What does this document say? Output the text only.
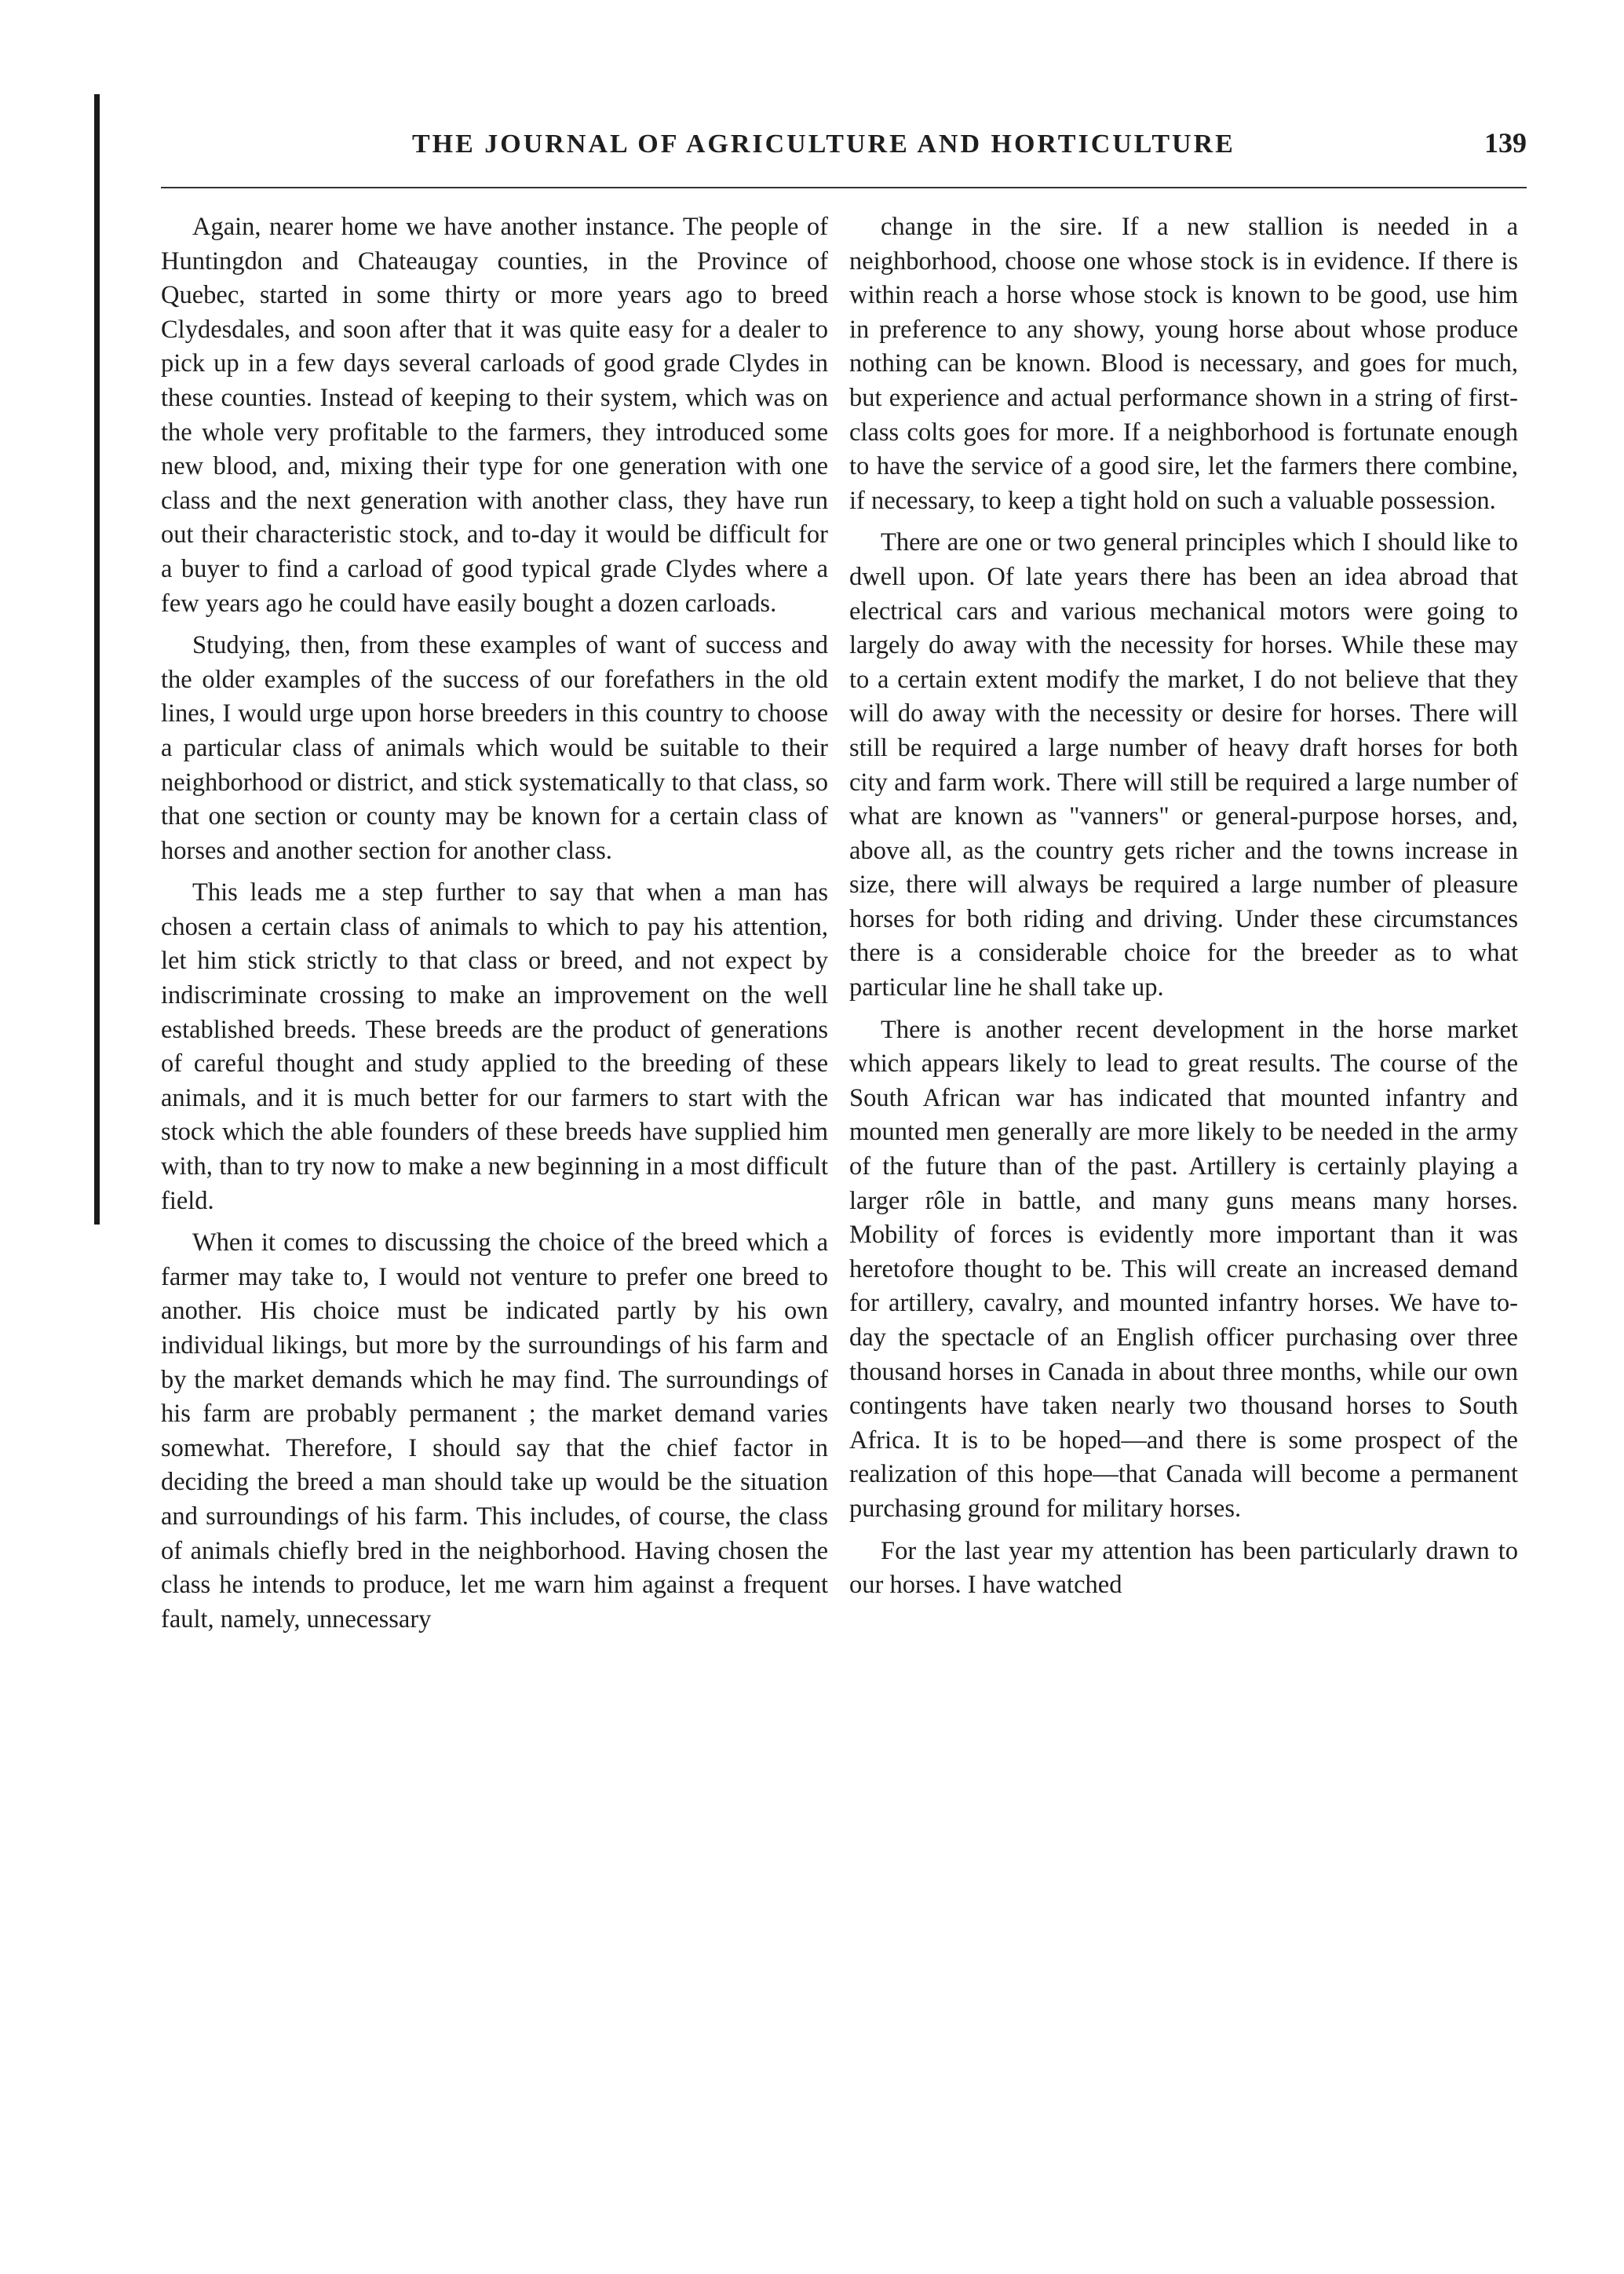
THE JOURNAL OF AGRICULTURE AND HORTICULTURE	139

Again, nearer home we have another instance. The people of Huntingdon and Chateaugay counties, in the Province of Quebec, started in some thirty or more years ago to breed Clydesdales, and soon after that it was quite easy for a dealer to pick up in a few days several carloads of good grade Clydes in these counties. Instead of keeping to their system, which was on the whole very profitable to the farmers, they introduced some new blood, and, mixing their type for one generation with one class and the next generation with another class, they have run out their characteristic stock, and to-day it would be difficult for a buyer to find a carload of good typical grade Clydes where a few years ago he could have easily bought a dozen carloads.

Studying, then, from these examples of want of success and the older examples of the success of our forefathers in the old lines, I would urge upon horse breeders in this country to choose a particular class of animals which would be suitable to their neighborhood or district, and stick systematically to that class, so that one section or county may be known for a certain class of horses and another section for another class.

This leads me a step further to say that when a man has chosen a certain class of animals to which to pay his attention, let him stick strictly to that class or breed, and not expect by indiscriminate crossing to make an improvement on the well established breeds. These breeds are the product of generations of careful thought and study applied to the breeding of these animals, and it is much better for our farmers to start with the stock which the able founders of these breeds have supplied him with, than to try now to make a new beginning in a most difficult field.

When it comes to discussing the choice of the breed which a farmer may take to, I would not venture to prefer one breed to another. His choice must be indicated partly by his own individual likings, but more by the surroundings of his farm and by the market demands which he may find. The surroundings of his farm are probably permanent ; the market demand varies somewhat. Therefore, I should say that the chief factor in deciding the breed a man should take up would be the situation and surroundings of his farm. This includes, of course, the class of animals chiefly bred in the neighborhood. Having chosen the class he intends to produce, let me warn him against a frequent fault, namely, unnecessary

change in the sire. If a new stallion is needed in a neighborhood, choose one whose stock is in evidence. If there is within reach a horse whose stock is known to be good, use him in preference to any showy, young horse about whose produce nothing can be known. Blood is necessary, and goes for much, but experience and actual performance shown in a string of first-class colts goes for more. If a neighborhood is fortunate enough to have the service of a good sire, let the farmers there combine, if necessary, to keep a tight hold on such a valuable possession.

There are one or two general principles which I should like to dwell upon. Of late years there has been an idea abroad that electrical cars and various mechanical motors were going to largely do away with the necessity for horses. While these may to a certain extent modify the market, I do not believe that they will do away with the necessity or desire for horses. There will still be required a large number of heavy draft horses for both city and farm work. There will still be required a large number of what are known as "vanners" or general-purpose horses, and, above all, as the country gets richer and the towns increase in size, there will always be required a large number of pleasure horses for both riding and driving. Under these circumstances there is a considerable choice for the breeder as to what particular line he shall take up.

There is another recent development in the horse market which appears likely to lead to great results. The course of the South African war has indicated that mounted infantry and mounted men generally are more likely to be needed in the army of the future than of the past. Artillery is certainly playing a larger rôle in battle, and many guns means many horses. Mobility of forces is evidently more important than it was heretofore thought to be. This will create an increased demand for artillery, cavalry, and mounted infantry horses. We have to-day the spectacle of an English officer purchasing over three thousand horses in Canada in about three months, while our own contingents have taken nearly two thousand horses to South Africa. It is to be hoped—and there is some prospect of the realization of this hope—that Canada will become a permanent purchasing ground for military horses.

For the last year my attention has been particularly drawn to our horses. I have watched
